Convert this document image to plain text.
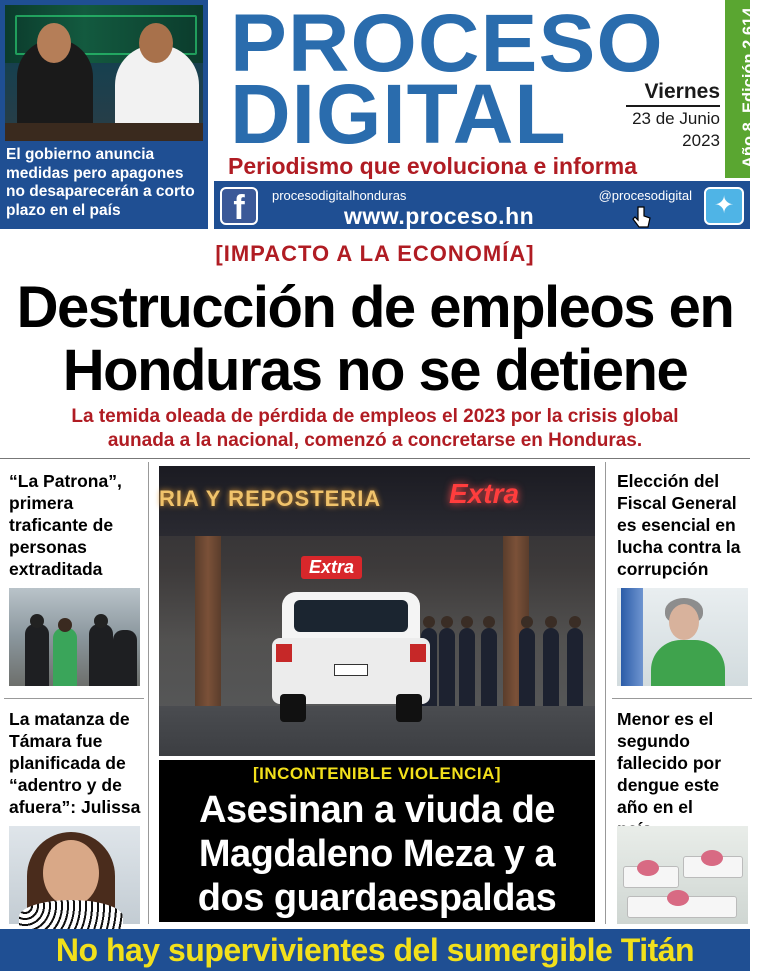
El gobierno anuncia medidas pero apagones no desaparecerán a corto plazo en el país
PROCESO
DIGITAL	Viernes
23 de Junio
2023 Año 8, Edición 2,614
Periodismo que evoluciona e informa
f	procesodigitalhonduras	@procesodigital ✦
www.proceso.hn
[IMPACTO A LA ECONOMÍA]
Destrucción de empleos en
Honduras no se detiene
La temida oleada de pérdida de empleos el 2023 por la crisis global
aunada a la nacional, comenzó a concretarse en Honduras.
“La Patrona”, primera traficante de personas extraditada
La matanza de Támara fue planificada de “adentro y de afuera”: Julissa
Elección del Fiscal General es esencial en lucha contra la corrupción
Menor es el segundo fallecido por dengue este año en el
RIA Y REPOSTERIA Extra
Extra
[INCONTENIBLE VIOLENCIA]
Asesinan a viuda de
Magdaleno Meza y a
dos guardaespaldas
No hay supervivientes del sumergible Titán
